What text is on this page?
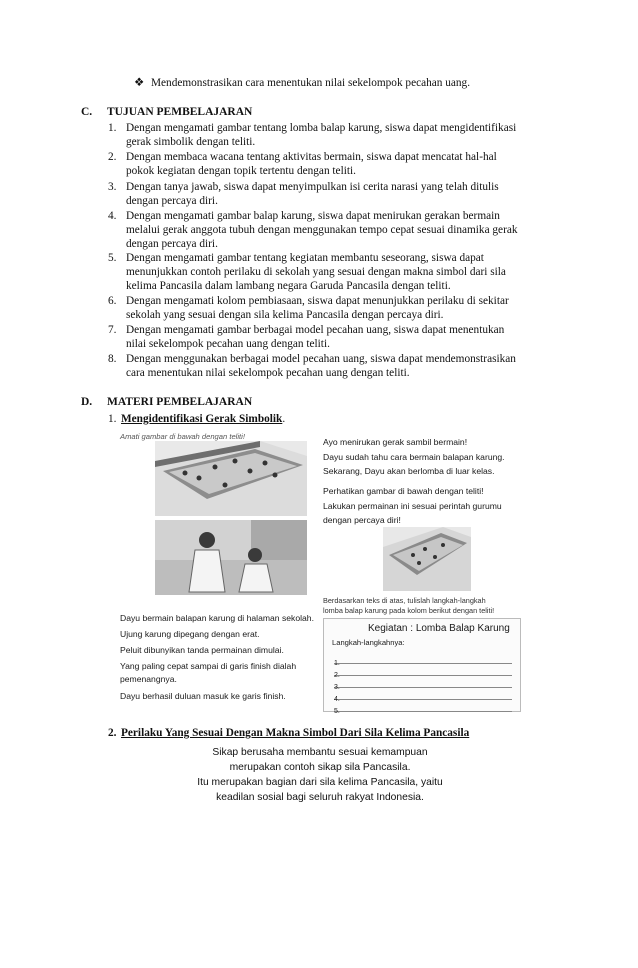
❖ Mendemonstrasikan cara menentukan nilai sekelompok pecahan uang.
C. TUJUAN PEMBELAJARAN
1. Dengan mengamati gambar tentang lomba balap karung, siswa dapat mengidentifikasi
gerak simbolik dengan teliti.
2. Dengan membaca wacana tentang aktivitas bermain, siswa dapat mencatat hal-hal
pokok kegiatan dengan topik tertentu dengan teliti.
3. Dengan tanya jawab, siswa dapat menyimpulkan isi cerita narasi yang telah ditulis
dengan percaya diri.
4. Dengan mengamati gambar balap karung, siswa dapat menirukan gerakan bermain
melalui gerak anggota tubuh dengan menggunakan tempo cepat sesuai dinamika gerak
dengan percaya diri.
5. Dengan mengamati gambar tentang kegiatan membantu seseorang, siswa dapat
menunjukkan contoh perilaku di sekolah yang sesuai dengan makna simbol dari sila
kelima Pancasila dalam lambang negara Garuda Pancasila dengan teliti.
6. Dengan mengamati kolom pembiasaan, siswa dapat menunjukkan perilaku di sekitar
sekolah yang sesuai dengan sila kelima Pancasila dengan percaya diri.
7. Dengan mengamati gambar berbagai model pecahan uang, siswa dapat menentukan
nilai sekelompok pecahan uang dengan teliti.
8. Dengan menggunakan berbagai model pecahan uang, siswa dapat mendemonstrasikan
cara menentukan nilai sekelompok pecahan uang dengan teliti.
D. MATERI PEMBELAJARAN
1. Mengidentifikasi Gerak Simbolik.
Amati gambar di bawah dengan teliti!
Dayu bermain balapan karung di halaman sekolah.
Ujung karung dipegang dengan erat.
Peluit dibunyikan tanda permainan dimulai.
Yang paling cepat sampai di garis finish dialah
pemenangnya.
Dayu berhasil duluan masuk ke garis finish.
Ayo menirukan gerak sambil bermain!
Dayu sudah tahu cara bermain balapan karung.
Sekarang, Dayu akan berlomba di luar kelas.
Perhatikan gambar di bawah dengan teliti!
Lakukan permainan ini sesuai perintah gurumu
dengan percaya diri!
Berdasarkan teks di atas, tulislah langkah-langkah
lomba balap karung pada kolom berikut dengan teliti!
Kegiatan : Lomba Balap Karung
Langkah-langkahnya:
1.
2.
3.
4.
5.
2. Perilaku Yang Sesuai Dengan Makna Simbol Dari Sila Kelima Pancasila
Sikap berusaha membantu sesuai kemampuan
merupakan contoh sikap sila Pancasila.
Itu merupakan bagian dari sila kelima Pancasila, yaitu
keadilan sosial bagi seluruh rakyat Indonesia.
